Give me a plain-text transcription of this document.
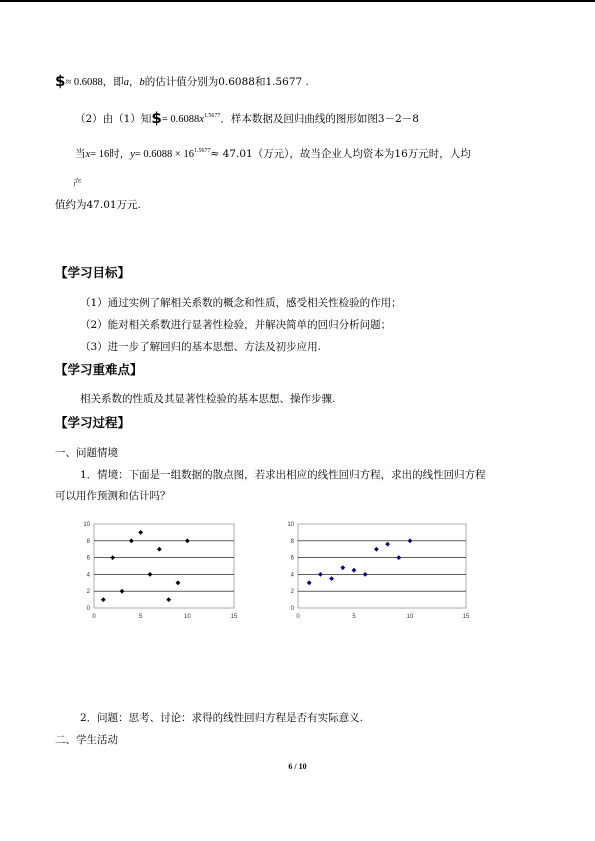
$≈ 0.6088，即a，b的估计值分别为0.6088和1.5677 .
（2）由（1）知$= $0.6088x^{1.5677}$．样本数据及回归曲线的图形如图3－2－8
当x= 16时，$y= 0.6088 \times 16^{1.5677}\approx 47.01$（万元），故当企业人均资本为16万元时，人均
产
值约为47.01万元.
【学习目标】
（1）通过实例了解相关系数的概念和性质，感受相关性检验的作用；
（2）能对相关系数进行显著性检验，并解决简单的回归分析问题；
（3）进一步了解回归的基本思想、方法及初步应用.
【学习重难点】
相关系数的性质及其显著性检验的基本思想、操作步骤.
【学习过程】
一、问题情境
1．情境：下面是一组数据的散点图，若求出相应的线性回归方程，求出的线性回归方程
可以用作预测和估计吗？
0
2
4
6
8
10
0	5	10	15
0
2
4
6
8
10
0	5	10	15
2．问题：思考、讨论：求得的线性回归方程是否有实际意义.
二、学生活动
6 / 10
